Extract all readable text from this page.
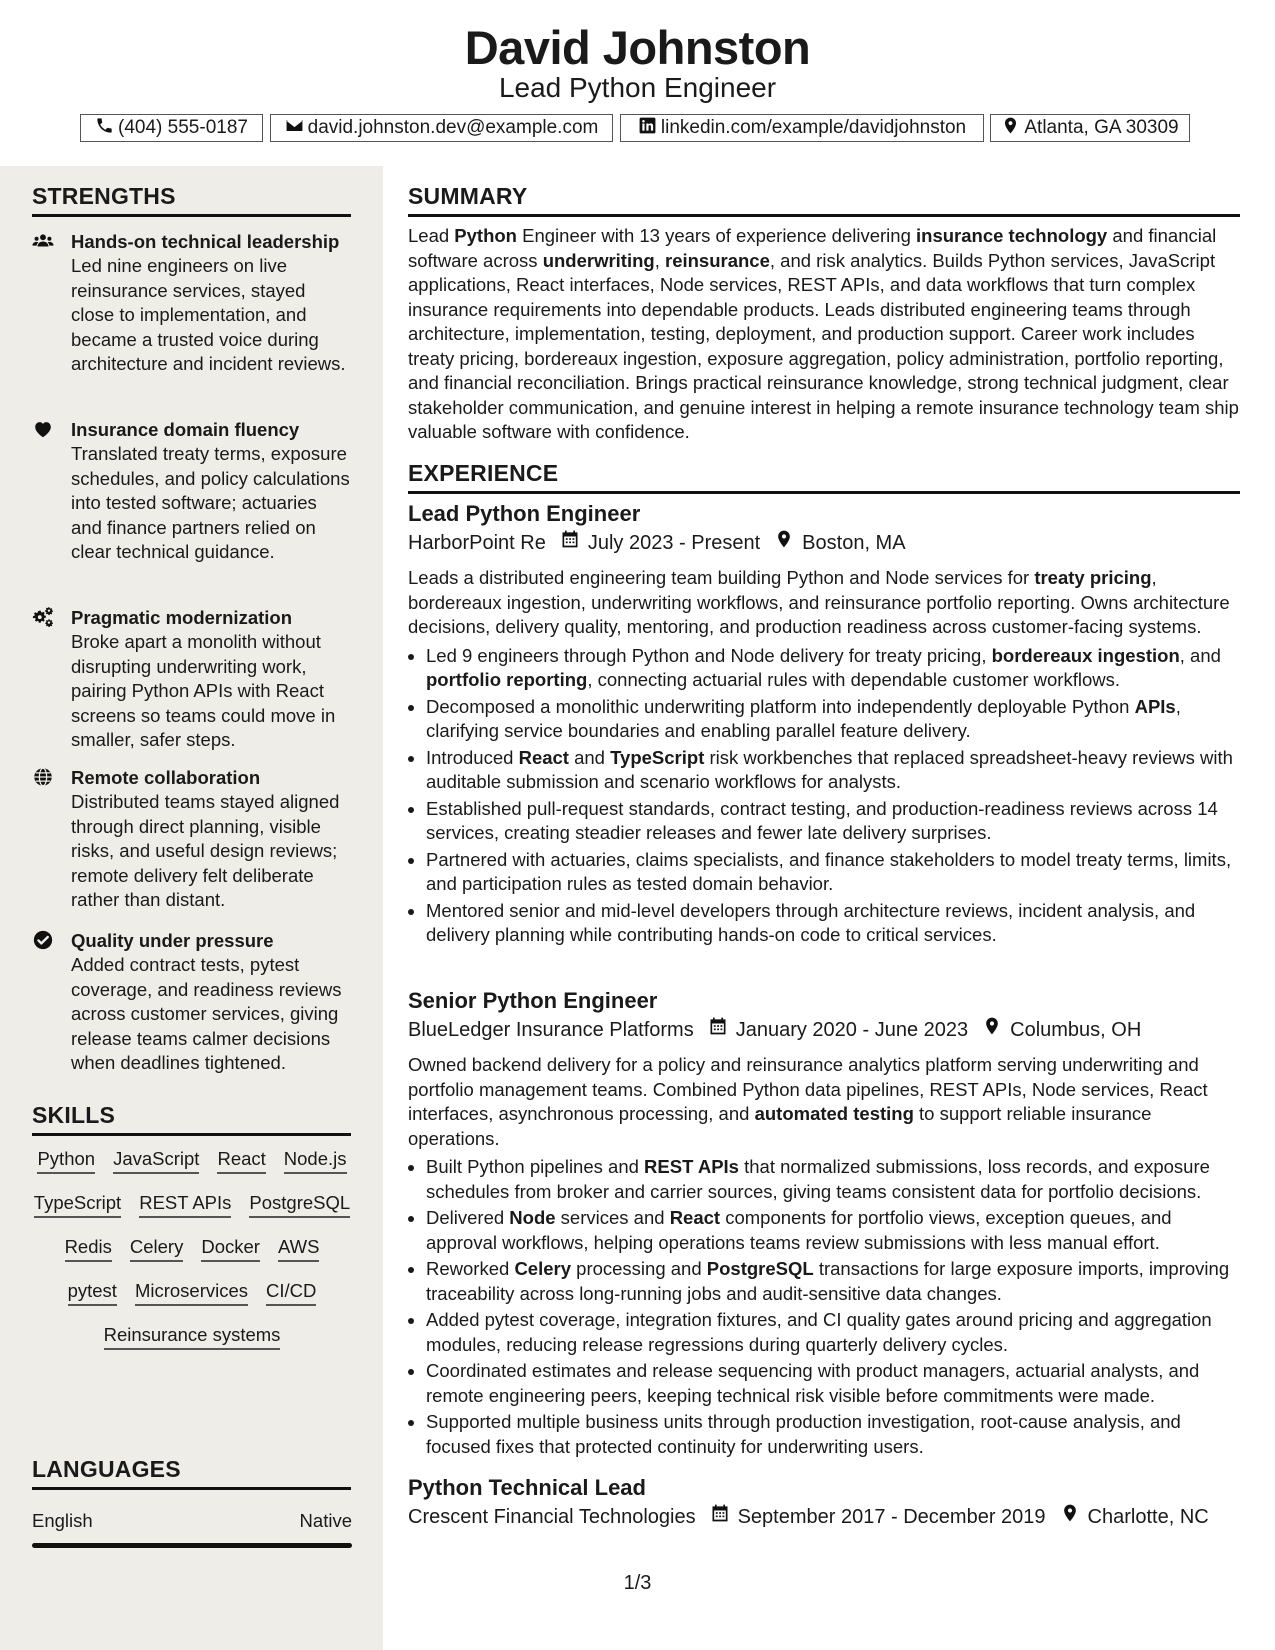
David Johnston
Lead Python Engineer
(404) 555-0187	david.johnston.dev@example.com	linkedin.com/example/davidjohnston	Atlanta, GA 30309
STRENGTHS
Hands-on technical leadership
Led nine engineers on live reinsurance services, stayed close to implementation, and became a trusted voice during architecture and incident reviews.
Insurance domain fluency
Translated treaty terms, exposure schedules, and policy calculations into tested software; actuaries and finance partners relied on clear technical guidance.
Pragmatic modernization
Broke apart a monolith without disrupting underwriting work, pairing Python APIs with React screens so teams could move in smaller, safer steps.
Remote collaboration
Distributed teams stayed aligned through direct planning, visible risks, and useful design reviews; remote delivery felt deliberate rather than distant.
Quality under pressure
Added contract tests, pytest coverage, and readiness reviews across customer services, giving release teams calmer decisions when deadlines tightened.
SKILLS
Python JavaScript React Node.js
TypeScript REST APIs PostgreSQL
Redis Celery Docker AWS
pytest Microservices CI/CD
Reinsurance systems
LANGUAGES
English	Native
SUMMARY

Lead Python Engineer with 13 years of experience delivering insurance technology and financial software across underwriting, reinsurance, and risk analytics. Builds Python services, JavaScript applications, React interfaces, Node services, REST APIs, and data workflows that turn complex insurance requirements into dependable products. Leads distributed engineering teams through architecture, implementation, testing, deployment, and production support. Career work includes treaty pricing, bordereaux ingestion, exposure aggregation, policy administration, portfolio reporting, and financial reconciliation. Brings practical reinsurance knowledge, strong technical judgment, clear stakeholder communication, and genuine interest in helping a remote insurance technology team ship valuable software with confidence.

EXPERIENCE
Lead Python Engineer
HarborPoint Re July 2023 - Present Boston, MA

Leads a distributed engineering team building Python and Node services for treaty pricing, bordereaux ingestion, underwriting workflows, and reinsurance portfolio reporting. Owns architecture decisions, delivery quality, mentoring, and production readiness across customer-facing systems.

• Led 9 engineers through Python and Node delivery for treaty pricing, bordereaux ingestion, and portfolio reporting, connecting actuarial rules with dependable customer workflows.
• Decomposed a monolithic underwriting platform into independently deployable Python APIs, clarifying service boundaries and enabling parallel feature delivery.
• Introduced React and TypeScript risk workbenches that replaced spreadsheet-heavy reviews with auditable submission and scenario workflows for analysts.
• Established pull-request standards, contract testing, and production-readiness reviews across 14 services, creating steadier releases and fewer late delivery surprises.
• Partnered with actuaries, claims specialists, and finance stakeholders to model treaty terms, limits, and participation rules as tested domain behavior.
• Mentored senior and mid-level developers through architecture reviews, incident analysis, and delivery planning while contributing hands-on code to critical services.
Senior Python Engineer
BlueLedger Insurance Platforms January 2020 - June 2023 Columbus, OH

Owned backend delivery for a policy and reinsurance analytics platform serving underwriting and portfolio management teams. Combined Python data pipelines, REST APIs, Node services, React interfaces, asynchronous processing, and automated testing to support reliable insurance operations.

• Built Python pipelines and REST APIs that normalized submissions, loss records, and exposure schedules from broker and carrier sources, giving teams consistent data for portfolio decisions.
• Delivered Node services and React components for portfolio views, exception queues, and approval workflows, helping operations teams review submissions with less manual effort.
• Reworked Celery processing and PostgreSQL transactions for large exposure imports, improving traceability across long-running jobs and audit-sensitive data changes.
• Added pytest coverage, integration fixtures, and CI quality gates around pricing and aggregation modules, reducing release regressions during quarterly delivery cycles.
• Coordinated estimates and release sequencing with product managers, actuarial analysts, and remote engineering peers, keeping technical risk visible before commitments were made.
• Supported multiple business units through production investigation, root-cause analysis, and focused fixes that protected continuity for underwriting users.
Python Technical Lead
Crescent Financial Technologies September 2017 - December 2019 Charlotte, NC
1/3
